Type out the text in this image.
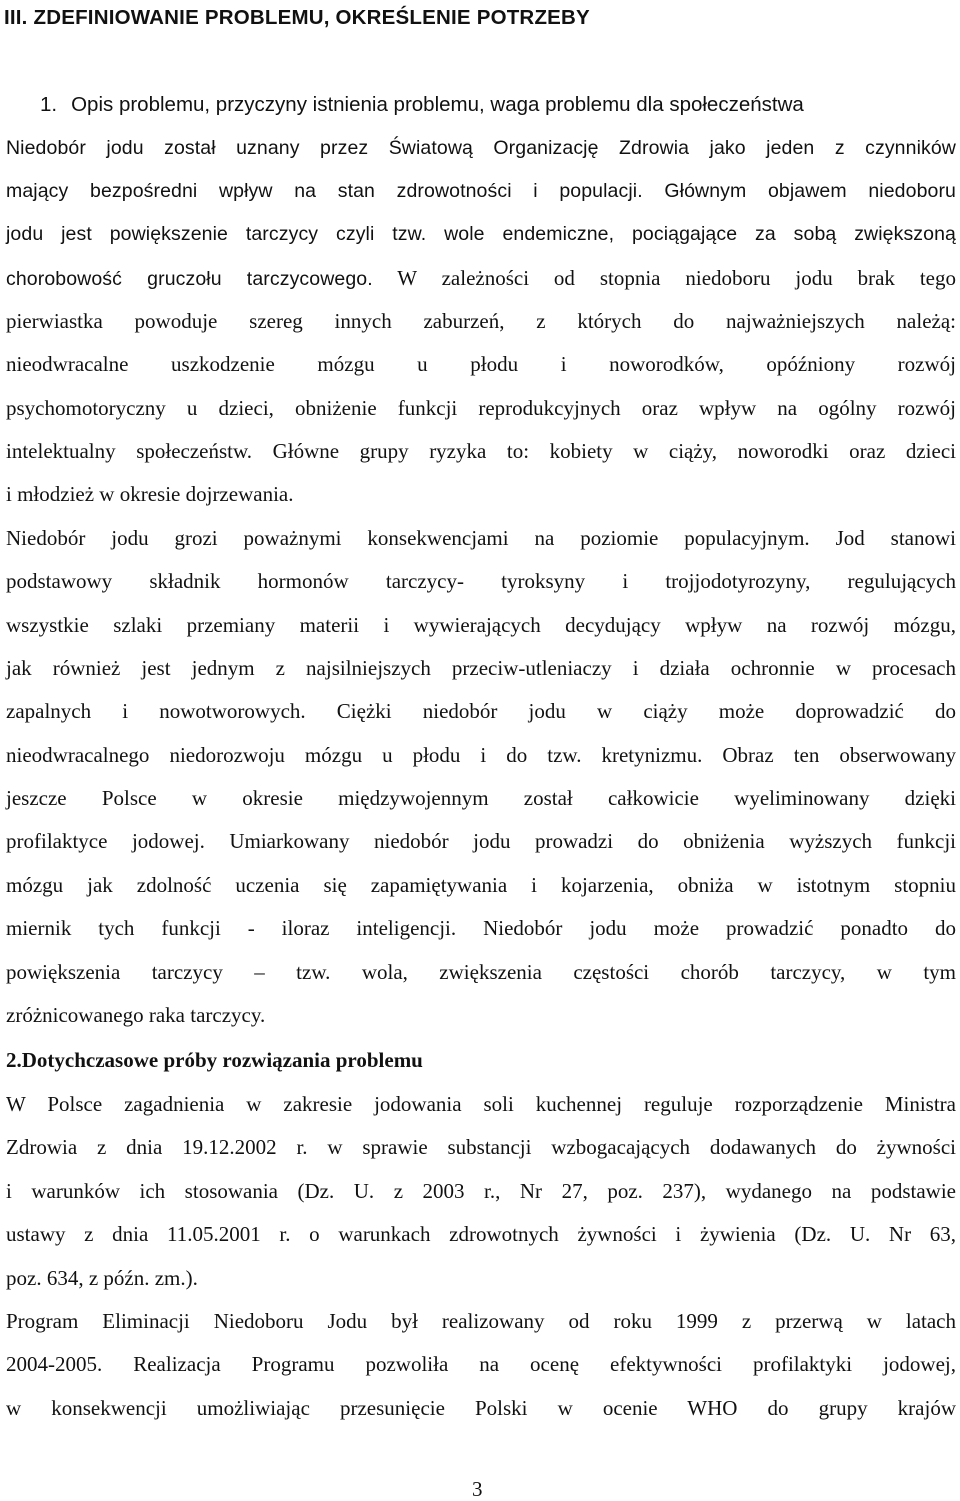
III. ZDEFINIOWANIE PROBLEMU, OKREŚLENIE POTRZEBY
1. Opis problemu, przyczyny istnienia problemu, waga problemu dla społeczeństwa
Niedobór jodu został uznany przez Światową Organizację Zdrowia jako jeden z czynników
mający bezpośredni wpływ na stan zdrowotności i populacji. Głównym objawem niedoboru
jodu jest powiększenie tarczycy czyli tzw. wole endemiczne, pociągające za sobą zwiększoną
chorobowość gruczołu tarczycowego. W zależności od stopnia niedoboru jodu brak tego
pierwiastka powoduje szereg innych zaburzeń, z których do najważniejszych należą:
nieodwracalne uszkodzenie mózgu u płodu i noworodków, opóźniony rozwój
psychomotoryczny u dzieci, obniżenie funkcji reprodukcyjnych oraz wpływ na ogólny rozwój
intelektualny społeczeństw. Główne grupy ryzyka to: kobiety w ciąży, noworodki oraz dzieci
i młodzież w okresie dojrzewania.
Niedobór jodu grozi poważnymi konsekwencjami na poziomie populacyjnym. Jod stanowi
podstawowy składnik hormonów tarczycy- tyroksyny i trojjodotyrozyny, regulujących
wszystkie szlaki przemiany materii i wywierających decydujący wpływ na rozwój mózgu,
jak również jest jednym z najsilniejszych przeciw-utleniaczy i działa ochronnie w procesach
zapalnych i nowotworowych. Ciężki niedobór jodu w ciąży może doprowadzić do
nieodwracalnego niedorozwoju mózgu u płodu i do tzw. kretynizmu. Obraz ten obserwowany
jeszcze Polsce w okresie międzywojennym został całkowicie wyeliminowany dzięki
profilaktyce jodowej. Umiarkowany niedobór jodu prowadzi do obniżenia wyższych funkcji
mózgu jak zdolność uczenia się zapamiętywania i kojarzenia, obniża w istotnym stopniu
miernik tych funkcji - iloraz inteligencji. Niedobór jodu może prowadzić ponadto do
powiększenia tarczycy – tzw. wola, zwiększenia częstości chorób tarczycy, w tym
zróżnicowanego raka tarczycy.
2.Dotychczasowe próby rozwiązania problemu
W Polsce zagadnienia w zakresie jodowania soli kuchennej reguluje rozporządzenie Ministra
Zdrowia z dnia 19.12.2002 r. w sprawie substancji wzbogacających dodawanych do żywności
i warunków ich stosowania (Dz. U. z 2003 r., Nr 27, poz. 237), wydanego na podstawie
ustawy z dnia 11.05.2001 r. o warunkach zdrowotnych żywności i żywienia (Dz. U. Nr 63,
poz. 634, z późn. zm.).
Program Eliminacji Niedoboru Jodu był realizowany od roku 1999 z przerwą w latach
2004-2005. Realizacja Programu pozwoliła na ocenę efektywności profilaktyki jodowej,
w konsekwencji umożliwiając przesunięcie Polski w ocenie WHO do grupy krajów
3
